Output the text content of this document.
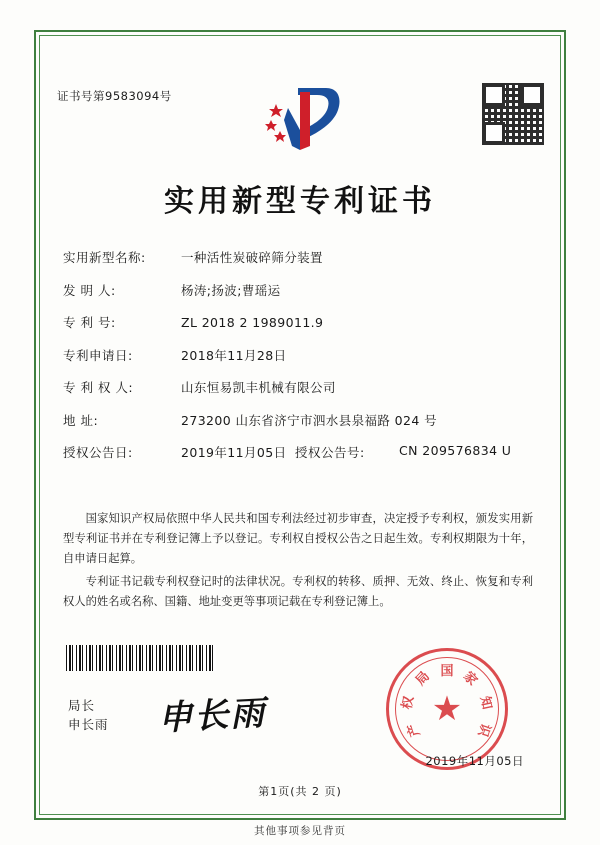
证书号第9583094号
实用新型专利证书
实用新型名称:	一种活性炭破碎筛分装置
发 明 人:	杨涛;扬波;曹瑶运
专 利 号:	ZL 2018 2 1989011.9
专利申请日:	2018年11月28日
专 利 权 人:	山东恒易凯丰机械有限公司
地 址:	273200 山东省济宁市泗水县泉福路 024 号
授权公告日:	2019年11月05日 授权公告号:	CN 209576834 U

国家知识产权局依照中华人民共和国专利法经过初步审查，决定授予专利权，颁发实用新型专利证书并在专利登记簿上予以登记。专利权自授权公告之日起生效。专利权期限为十年，自申请日起算。

专利证书记载专利权登记时的法律状况。专利权的转移、质押、无效、终止、恢复和专利权人的姓名或名称、国籍、地址变更等事项记载在专利登记簿上。

局长
申长雨 申长雨	★
国 家
知
识
产
权
局
2019年11月05日
第1页(共 2 页)
其他事项参见背页
